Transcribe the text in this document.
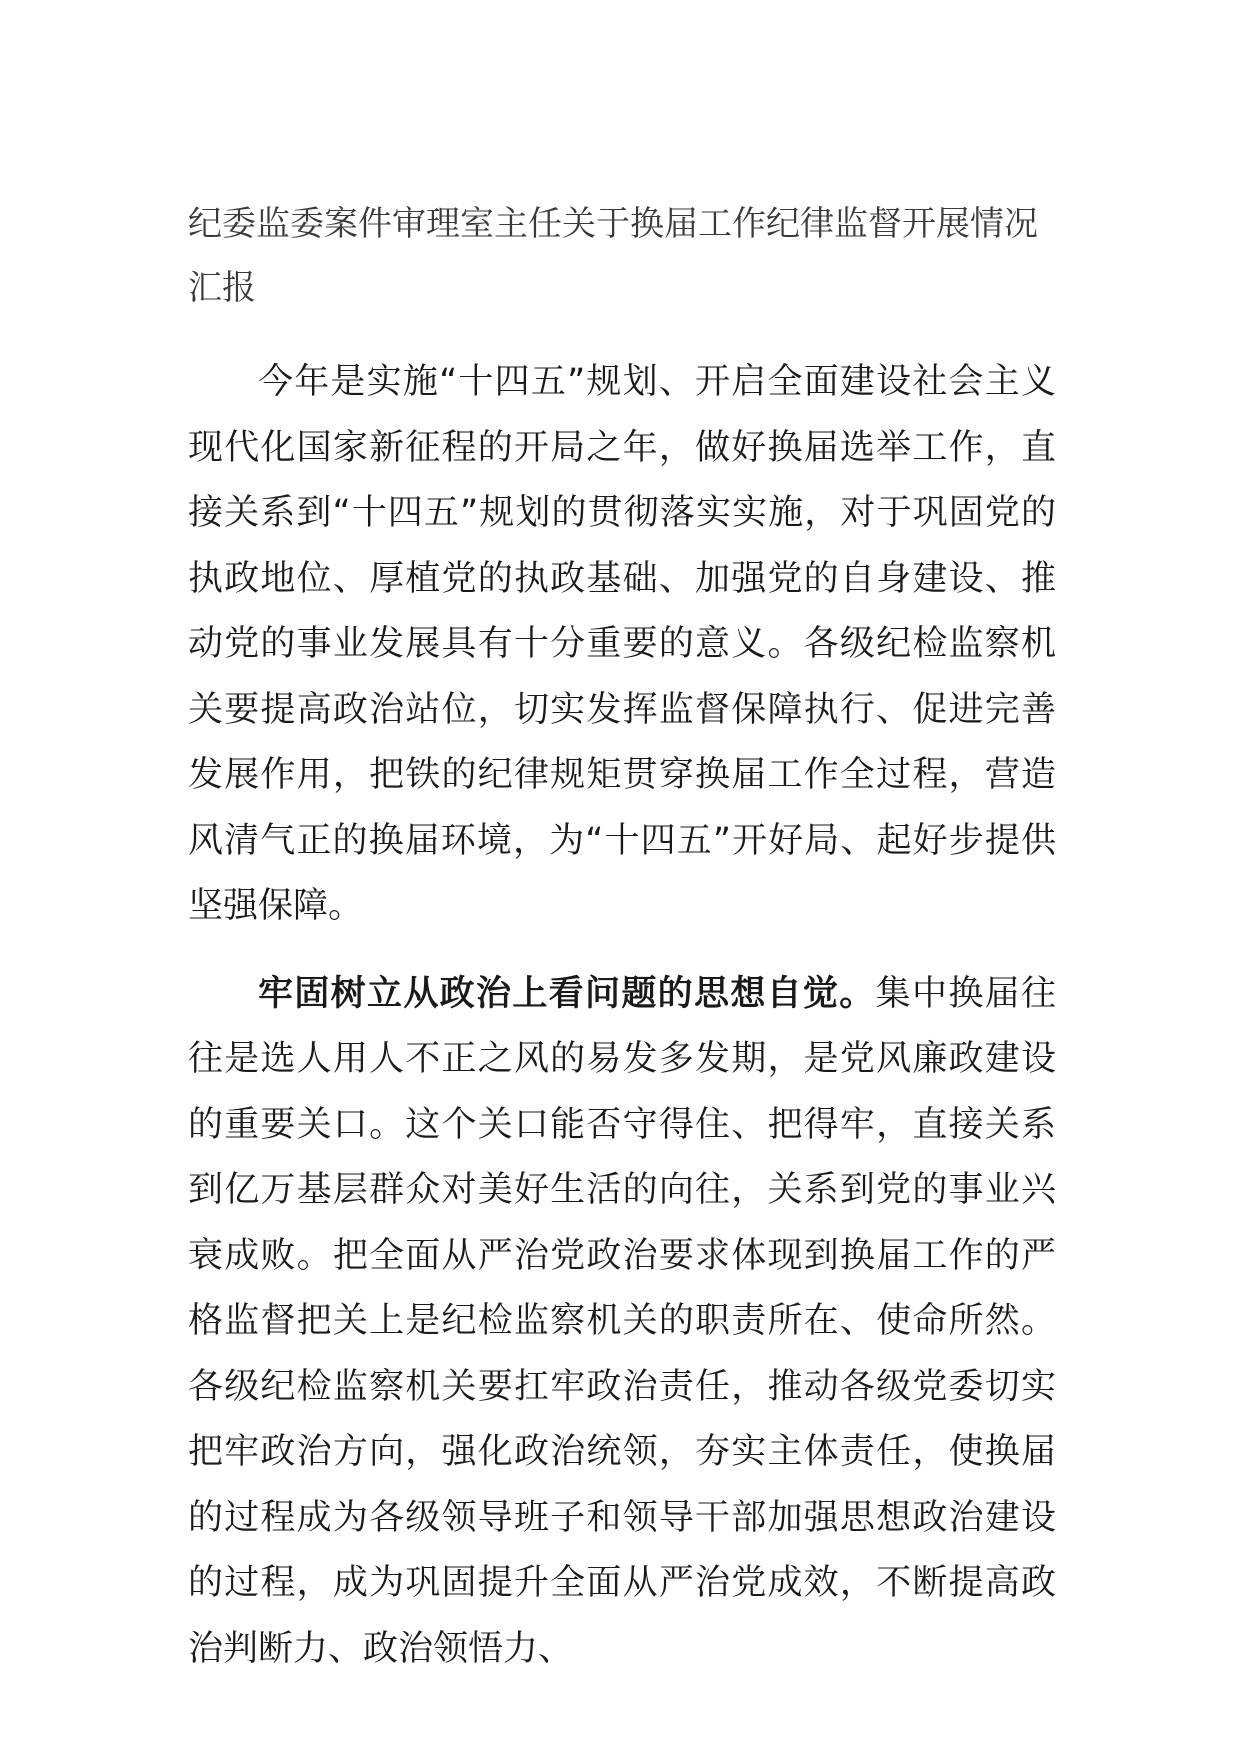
纪委监委案件审理室主任关于换届工作纪律监督开展情况汇报

今年是实施“十四五”规划、开启全面建设社会主义现代化国家新征程的开局之年，做好换届选举工作，直接关系到“十四五”规划的贯彻落实实施，对于巩固党的执政地位、厚植党的执政基础、加强党的自身建设、推动党的事业发展具有十分重要的意义。各级纪检监察机关要提高政治站位，切实发挥监督保障执行、促进完善发展作用，把铁的纪律规矩贯穿换届工作全过程，营造风清气正的换届环境，为“十四五”开好局、起好步提供坚强保障。

牢固树立从政治上看问题的思想自觉。集中换届往往是选人用人不正之风的易发多发期，是党风廉政建设的重要关口。这个关口能否守得住、把得牢，直接关系到亿万基层群众对美好生活的向往，关系到党的事业兴衰成败。把全面从严治党政治要求体现到换届工作的严格监督把关上是纪检监察机关的职责所在、使命所然。各级纪检监察机关要扛牢政治责任，推动各级党委切实把牢政治方向，强化政治统领，夯实主体责任，使换届的过程成为各级领导班子和领导干部加强思想政治建设的过程，成为巩固提升全面从严治党成效，不断提高政治判断力、政治领悟力、
